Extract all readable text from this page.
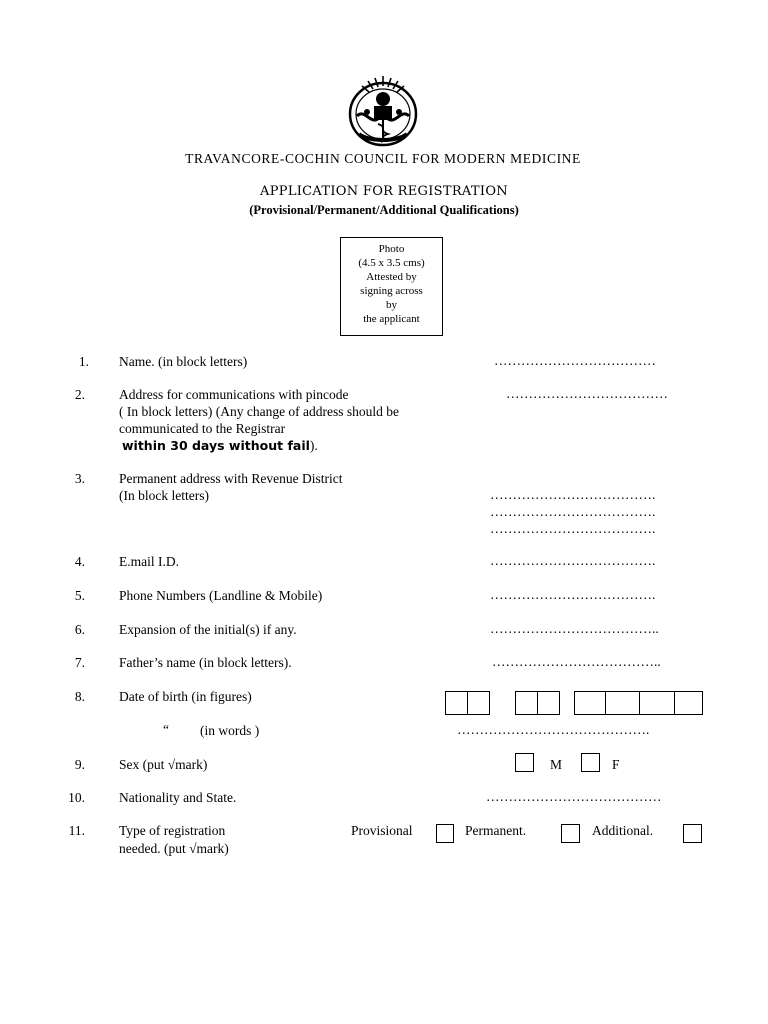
TRAVANCORE-COCHIN COUNCIL FOR MODERN MEDICINE
APPLICATION FOR REGISTRATION
(Provisional/Permanent/Additional Qualifications)
Photo
(4.5 x 3.5 cms)
Attested by
signing across
by
the applicant
1. Name. (in block letters)	………………………………
2.	Address for communications with pincode
( In block letters) (Any change of address should be
communicated to the Registrar
within 30 days without fail).
………………………………
3.	Permanent address with Revenue District
(In block letters)	……………………………….
……………………………….
……………………………….
4.	E.mail I.D.	……………………………….
5.	Phone Numbers (Landline & Mobile)	……………………………….
6.	Expansion of the initial(s) if any.	………………………………..
7.	Father’s name (in block letters).	………………………………..
8.	Date of birth (in figures)
“ (in words )	…………………………………….
9.	Sex (put √mark)	M	F
10.	Nationality and State.	…………………………………
11.	Type of registration
needed. (put √mark)
Provisional	Permanent.	Additional.
